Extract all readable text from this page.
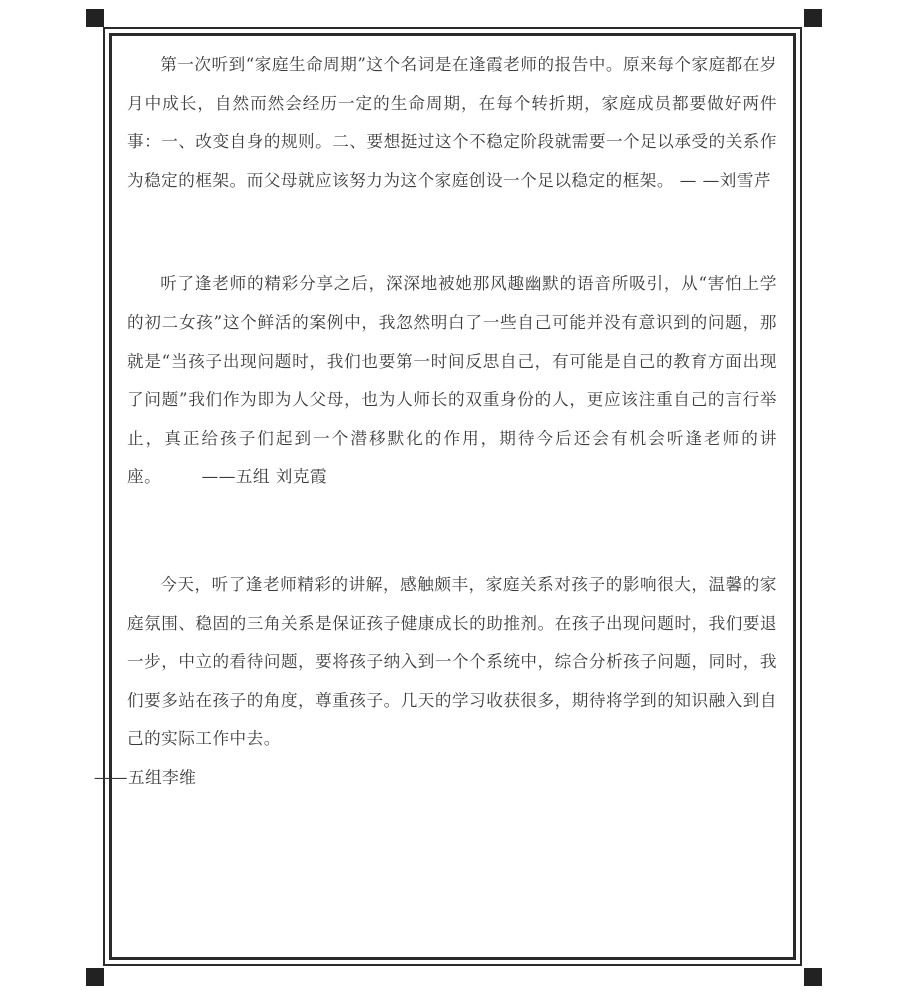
第一次听到“家庭生命周期”这个名词是在逢霞老师的报告中。原来每个家庭都在岁月中成长，自然而然会经历一定的生命周期，在每个转折期，家庭成员都要做好两件事：一、改变自身的规则。二、要想挺过这个不稳定阶段就需要一个足以承受的关系作为稳定的框架。而父母就应该努力为这个家庭创设一个足以稳定的框架。 — —刘雪芹

听了逢老师的精彩分享之后，深深地被她那风趣幽默的语音所吸引，从“害怕上学的初二女孩”这个鲜活的案例中，我忽然明白了一些自己可能并没有意识到的问题，那就是“当孩子出现问题时，我们也要第一时间反思自己，有可能是自己的教育方面出现了问题”我们作为即为人父母，也为人师长的双重身份的人，更应该注重自己的言行举止，真正给孩子们起到一个潜移默化的作用，期待今后还会有机会听逢老师的讲座。 ——五组 刘克霞

今天，听了逢老师精彩的讲解，感触颇丰，家庭关系对孩子的影响很大，温馨的家庭氛围、稳固的三角关系是保证孩子健康成长的助推剂。在孩子出现问题时，我们要退一步，中立的看待问题，要将孩子纳入到一个个系统中，综合分析孩子问题，同时，我们要多站在孩子的角度，尊重孩子。几天的学习收获很多，期待将学到的知识融入到自己的实际工作中去。
——五组李维
